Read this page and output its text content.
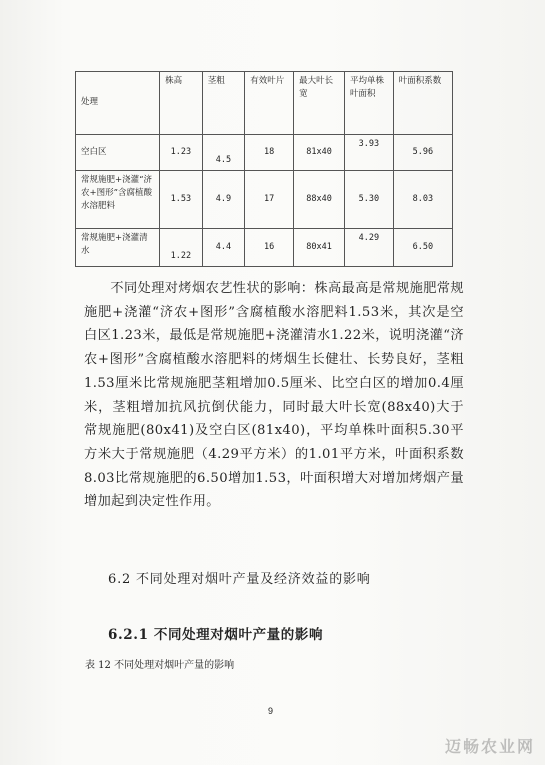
处理	株高	茎粗	有效叶片	最大叶长宽	平均单株叶面积	叶面积系数
空白区	1.23	4.5	18	81x40	3.93	5.96
常规施肥+浇灌“济农+图形”含腐植酸水溶肥料	1.53	4.9	17	88x40	5.30	8.03
常规施肥+浇灌清水	1.22	4.4	16	80x41	4.29	6.50

不同处理对烤烟农艺性状的影响：株高最高是常规施肥常规施肥+浇灌“济农+图形”含腐植酸水溶肥料1.53米，其次是空白区1.23米，最低是常规施肥+浇灌清水1.22米，说明浇灌“济农+图形”含腐植酸水溶肥料的烤烟生长健壮、长势良好，茎粗1.53厘米比常规施肥茎粗增加0.5厘米、比空白区的增加0.4厘米，茎粗增加抗风抗倒伏能力，同时最大叶长宽(88x40)大于常规施肥(80x41)及空白区(81x40)，平均单株叶面积5.30平方米大于常规施肥（4.29平方米）的1.01平方米，叶面积系数8.03比常规施肥的6.50增加1.53，叶面积增大对增加烤烟产量增加起到决定性作用。

6.2 不同处理对烟叶产量及经济效益的影响
6.2.1 不同处理对烟叶产量的影响
表 12 不同处理对烟叶产量的影响
9
迈畅农业网
